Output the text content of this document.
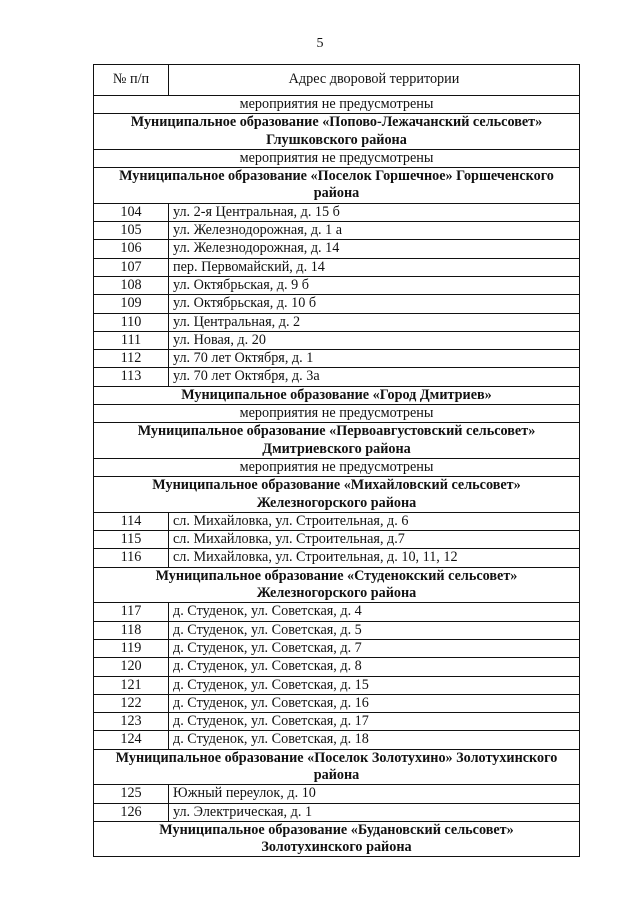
5
№ п/п	Адрес дворовой территории
мероприятия не предусмотрены	

Муниципальное образование «Попово-Лежачанский сельсовет»
Глушковского района	

мероприятия не предусмотрены	

Муниципальное образование «Поселок Горшечное» Горшеченского
района	

104	ул. 2-я Центральная, д. 15 б
105	ул. Железнодорожная, д. 1 а
106	ул. Железнодорожная, д. 14
107	пер. Первомайский, д. 14
108	ул. Октябрьская, д. 9 б
109	ул. Октябрьская, д. 10 б
110	ул. Центральная, д. 2
111	ул. Новая, д. 20
112	ул. 70 лет Октября, д. 1
113	ул. 70 лет Октября, д. 3а

Муниципальное образование «Город Дмитриев»	

мероприятия не предусмотрены	

Муниципальное образование «Первоавгустовский сельсовет»
Дмитриевского района	

мероприятия не предусмотрены	

Муниципальное образование «Михайловский сельсовет»
Железногорского района	

114	сл. Михайловка, ул. Строительная, д. 6
115	сл. Михайловка, ул. Строительная, д.7
116	сл. Михайловка, ул. Строительная, д. 10, 11, 12

Муниципальное образование «Студенокский сельсовет»
Железногорского района	

117	д. Студенок, ул. Советская, д. 4
118	д. Студенок, ул. Советская, д. 5
119	д. Студенок, ул. Советская, д. 7
120	д. Студенок, ул. Советская, д. 8
121	д. Студенок, ул. Советская, д. 15
122	д. Студенок, ул. Советская, д. 16
123	д. Студенок, ул. Советская, д. 17
124	д. Студенок, ул. Советская, д. 18

Муниципальное образование «Поселок Золотухино» Золотухинского
района	

125	Южный переулок, д. 10
126	ул. Электрическая, д. 1

Муниципальное образование «Будановский сельсовет»
Золотухинского района	
